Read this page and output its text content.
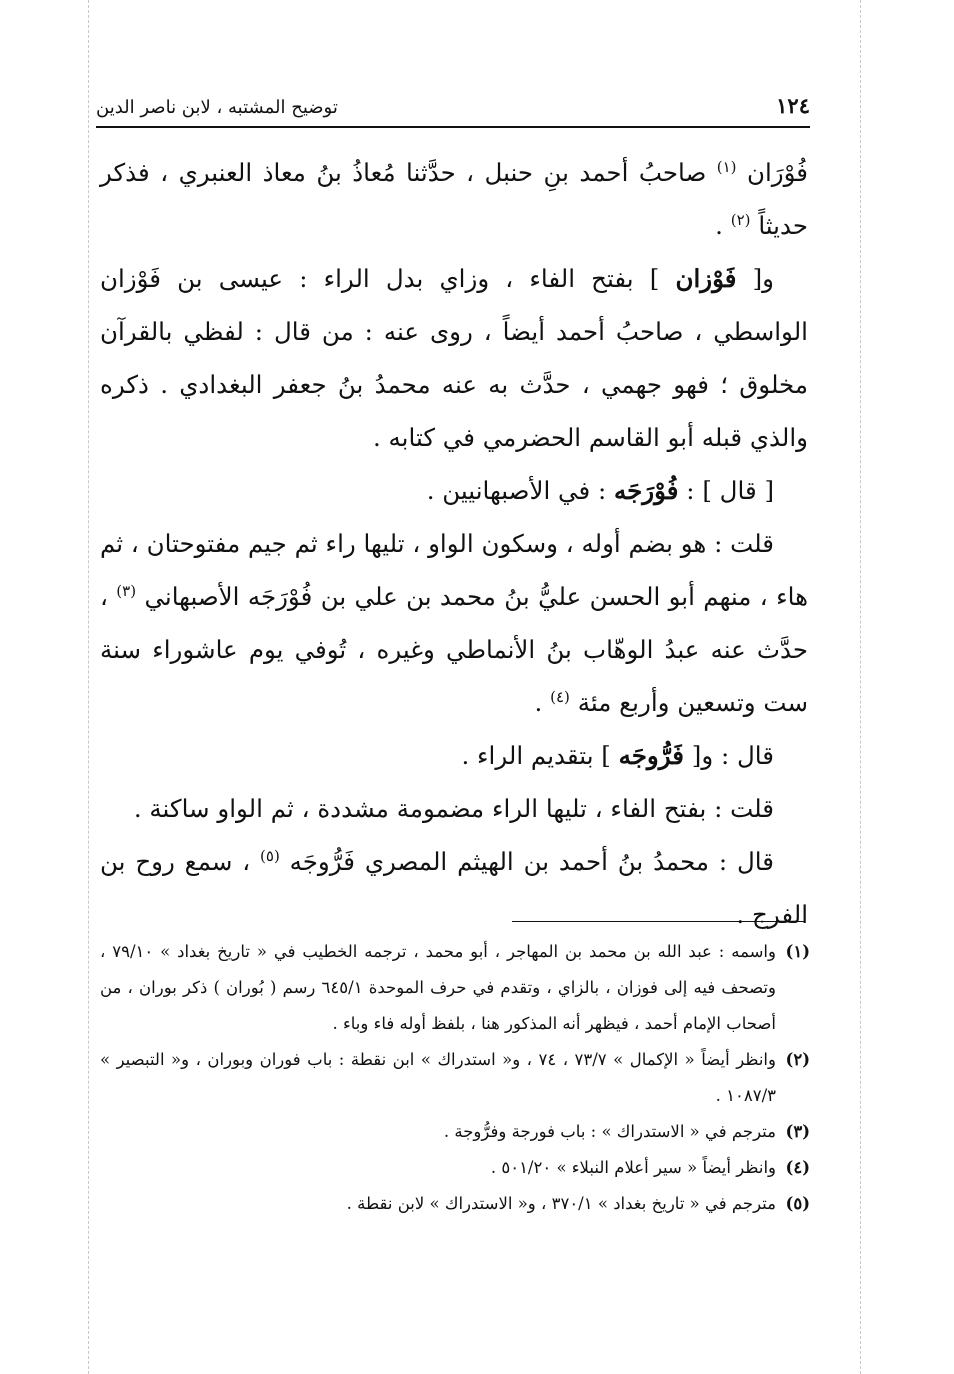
١٢٤
توضيح المشتبه ، لابن ناصر الدين

فُوْرَان $^{(١)}$ صاحبُ أحمد بنِ حنبل ، حدَّثنا مُعاذُ بنُ معاذ العنبري ، فذكر حديثاً $^{(٢)}$ .

و[ فَوْزان ] بفتح الفاء ، وزاي بدل الراء : عيسى بن فَوْزان الواسطي ، صاحبُ أحمد أيضاً ، روى عنه : من قال : لفظي بالقرآن مخلوق ؛ فهو جهمي ، حدَّث به عنه محمدُ بنُ جعفر البغدادي . ذكره والذي قبله أبو القاسم الحضرمي في كتابه .

[ قال ] : فُوْرَجَه : في الأصبهانيين .

قلت : هو بضم أوله ، وسكون الواو ، تليها راء ثم جيم مفتوحتان ، ثم هاء ، منهم أبو الحسن عليُّ بنُ محمد بن علي بن فُوْرَجَه الأصبهاني $^{(٣)}$ ، حدَّث عنه عبدُ الوهّاب بنُ الأنماطي وغيره ، تُوفي يوم عاشوراء سنة ست وتسعين وأربع مئة $^{(٤)}$ .

قال : و[ فَرُّوجَه ] بتقديم الراء .

قلت : بفتح الفاء ، تليها الراء مضمومة مشددة ، ثم الواو ساكنة .

قال : محمدُ بنُ أحمد بن الهيثم المصري فَرُّوجَه $^{(٥)}$ ، سمع روح بن الفرج .

(١)
واسمه : عبد الله بن محمد بن المهاجر ، أبو محمد ، ترجمه الخطيب في « تاريخ بغداد » ٧٩/١٠ ، وتصحف فيه إلى فوزان ، بالزاي ، وتقدم في حرف الموحدة ٦٤٥/١ رسم ( بُوران ) ذكر بوران ، من أصحاب الإمام أحمد ، فيظهر أنه المذكور هنا ، بلفظ أوله فاء وباء .
(٢)
وانظر أيضاً « الإكمال » ٧٣/٧ ، ٧٤ ، و« استدراك » ابن نقطة : باب فوران وبوران ، و« التبصير » ١٠٨٧/٣ .
(٣)
مترجم في « الاستدراك » : باب فورجة وفرُّوجة .
(٤)
وانظر أيضاً « سير أعلام النبلاء » ٥٠١/٢٠ .
(٥)
مترجم في « تاريخ بغداد » ٣٧٠/١ ، و« الاستدراك » لابن نقطة .
